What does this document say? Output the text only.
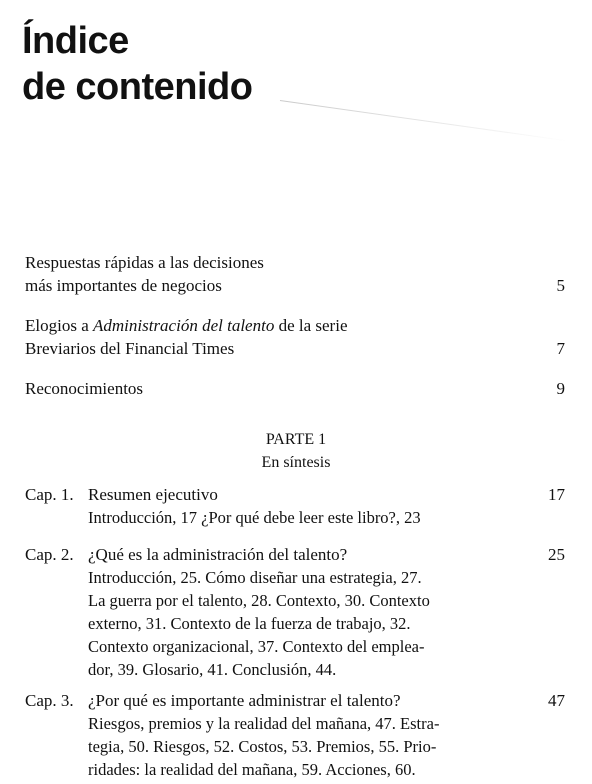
Índice
de contenido
Respuestas rápidas a las decisiones
más importantes de negocios	5
Elogios a Administración del talento de la serie
Breviarios del Financial Times	7
Reconocimientos	9
PARTE 1
En síntesis
Cap. 1. Resumen ejecutivo	17
Introducción, 17 ¿Por qué debe leer este libro?, 23
Cap. 2. ¿Qué es la administración del talento?	25
Introducción, 25. Cómo diseñar una estrategia, 27.
La guerra por el talento, 28. Contexto, 30. Contexto
externo, 31. Contexto de la fuerza de trabajo, 32.
Contexto organizacional, 37. Contexto del emplea-
dor, 39. Glosario, 41. Conclusión, 44.
Cap. 3. ¿Por qué es importante administrar el talento?	47
Riesgos, premios y la realidad del mañana, 47. Estra-
tegia, 50. Riesgos, 52. Costos, 53. Premios, 55. Prio-
ridades: la realidad del mañana, 59. Acciones, 60.
